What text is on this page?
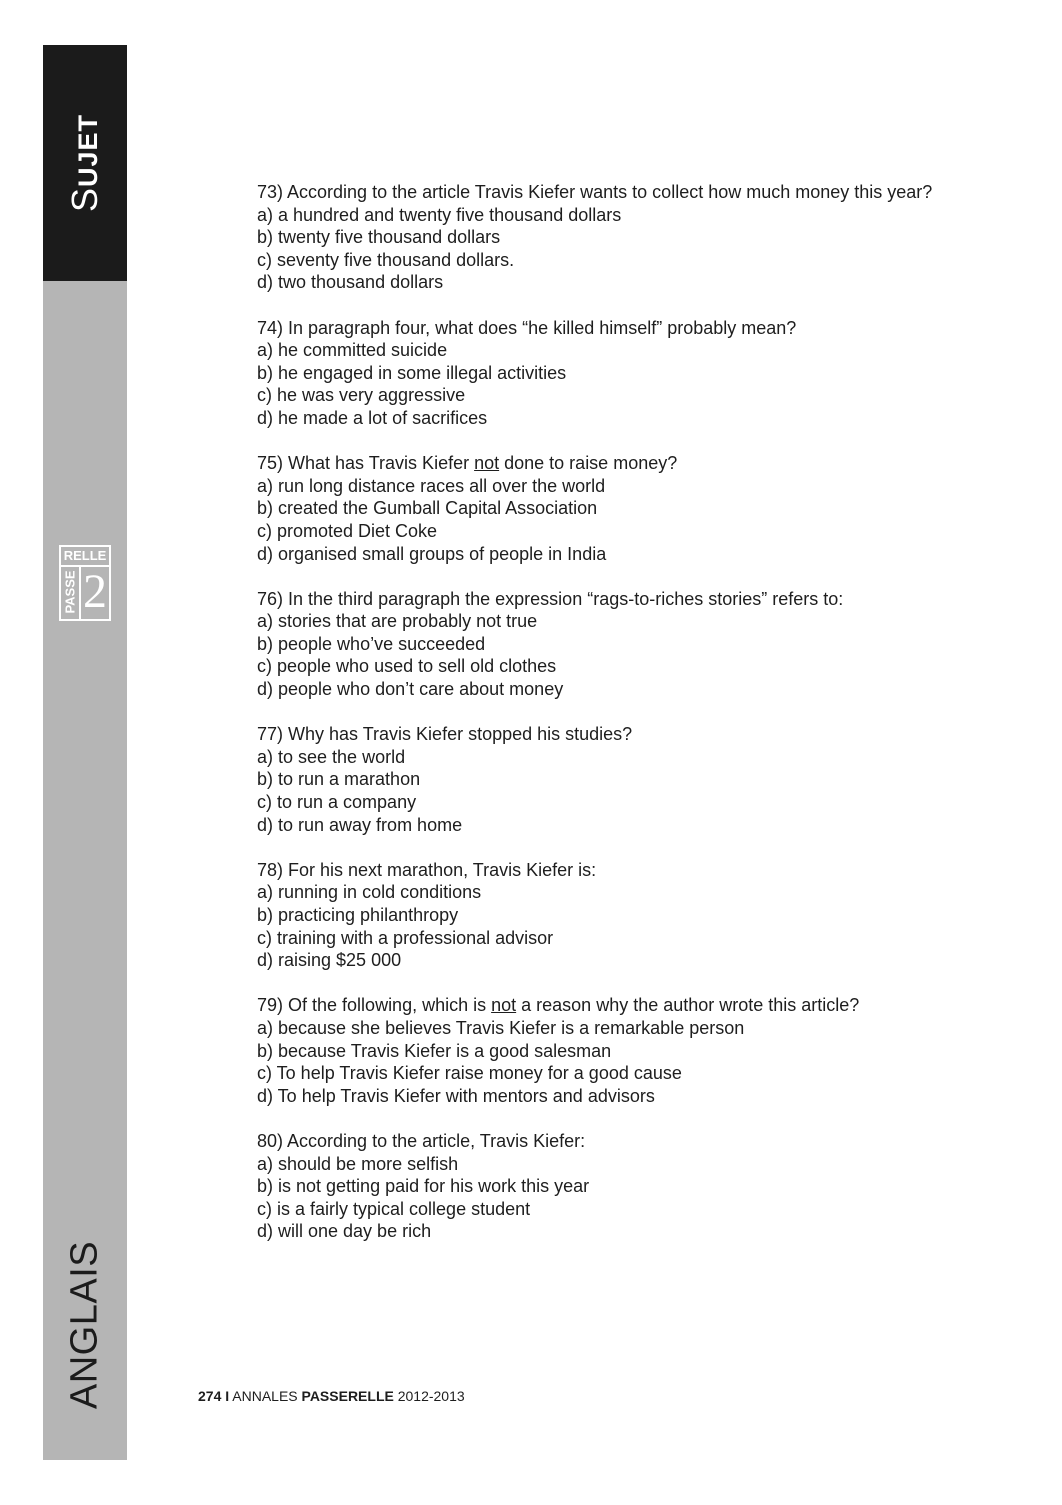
SUJET
RELLE
PASSE 2
ANGLAIS
73) According to the article Travis Kiefer wants to collect how much money this year?
a) a hundred and twenty five thousand dollars
b) twenty five thousand dollars
c) seventy five thousand dollars.
d) two thousand dollars
74) In paragraph four, what does “he killed himself” probably mean?
a) he committed suicide
b) he engaged in some illegal activities
c) he was very aggressive
d) he made a lot of sacrifices
75) What has Travis Kiefer not done to raise money?
a) run long distance races all over the world
b) created the Gumball Capital Association
c) promoted Diet Coke
d) organised small groups of people in India
76) In the third paragraph the expression “rags-to-riches stories” refers to:
a) stories that are probably not true
b) people who’ve succeeded
c) people who used to sell old clothes
d) people who don’t care about money
77) Why has Travis Kiefer stopped his studies?
a) to see the world
b) to run a marathon
c) to run a company
d) to run away from home
78) For his next marathon, Travis Kiefer is:
a) running in cold conditions
b) practicing philanthropy
c) training with a professional advisor
d) raising $25 000
79) Of the following, which is not a reason why the author wrote this article?
a) because she believes Travis Kiefer is a remarkable person
b) because Travis Kiefer is a good salesman
c) To help Travis Kiefer raise money for a good cause
d) To help Travis Kiefer with mentors and advisors
80) According to the article, Travis Kiefer:
a) should be more selfish
b) is not getting paid for his work this year
c) is a fairly typical college student
d) will one day be rich
274 I ANNALES PASSERELLE 2012-2013
